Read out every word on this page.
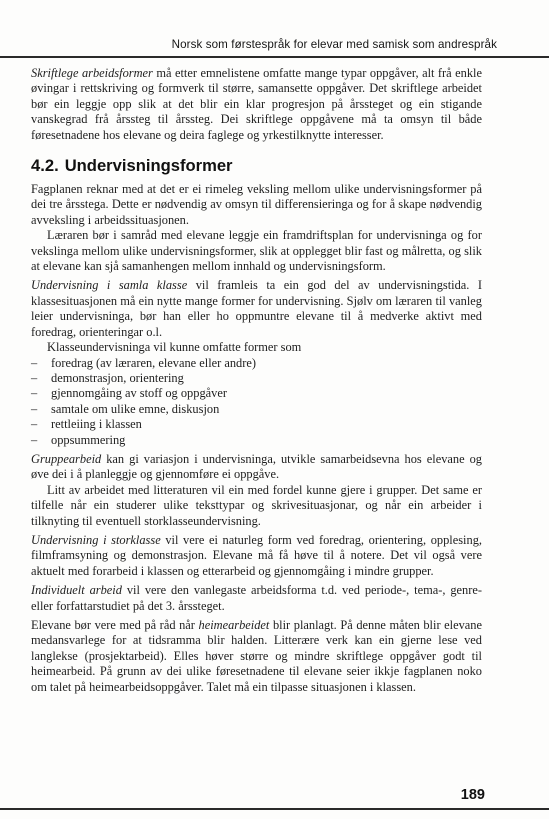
Norsk som førstespråk for elevar med samisk som andrespråk

Skriftlege arbeidsformer må etter emnelistene omfatte mange typar oppgåver, alt frå enkle øvingar i rettskriving og formverk til større, samansette oppgåver. Det skriftlege arbeidet bør ein leggje opp slik at det blir ein klar progresjon på årssteget og ein stigande vanskegrad frå årssteg til årssteg. Dei skriftlege oppgåvene må ta omsyn til både føresetnadene hos elevane og deira faglege og yrkestilknytte interesser.

4.2. Undervisningsformer

Fagplanen reknar med at det er ei rimeleg veksling mellom ulike undervisningsformer på dei tre årsstega. Dette er nødvendig av omsyn til differensieringa og for å skape nødvendig avveksling i arbeidssituasjonen.

Læraren bør i samråd med elevane leggje ein framdriftsplan for undervisninga og for vekslinga mellom ulike undervisningsformer, slik at opplegget blir fast og målretta, og slik at elevane kan sjå samanhengen mellom innhald og undervisningsform.

Undervisning i samla klasse vil framleis ta ein god del av undervisningstida. I klassesituasjonen må ein nytte mange former for undervisning. Sjølv om læraren til vanleg leier undervisninga, bør han eller ho oppmuntre elevane til å medverke aktivt med foredrag, orienteringar o.l.

Klasseundervisninga vil kunne omfatte former som

– foredrag (av læraren, elevane eller andre)
– demonstrasjon, orientering
– gjennomgåing av stoff og oppgåver
– samtale om ulike emne, diskusjon
– rettleiing i klassen
– oppsummering

Gruppearbeid kan gi variasjon i undervisninga, utvikle samarbeidsevna hos elevane og øve dei i å planleggje og gjennomføre ei oppgåve.

Litt av arbeidet med litteraturen vil ein med fordel kunne gjere i grupper. Det same er tilfelle når ein studerer ulike teksttypar og skrivesituasjonar, og når ein arbeider i tilknyting til eventuell storklasseundervisning.

Undervisning i storklasse vil vere ei naturleg form ved foredrag, orientering, opplesing, filmframsyning og demonstrasjon. Elevane må få høve til å notere. Det vil også vere aktuelt med forarbeid i klassen og etterarbeid og gjennomgåing i mindre grupper.

Individuelt arbeid vil vere den vanlegaste arbeidsforma t.d. ved periode-, tema-, genre- eller forfattarstudiet på det 3. årssteget.

Elevane bør vere med på råd når heimearbeidet blir planlagt. På denne måten blir elevane medansvarlege for at tidsramma blir halden. Litterære verk kan ein gjerne lese ved langlekse (prosjektarbeid). Elles høver større og mindre skriftlege oppgåver godt til heimearbeid. På grunn av dei ulike føresetnadene til elevane seier ikkje fagplanen noko om talet på heimearbeidsoppgåver. Talet må ein tilpasse situasjonen i klassen.

189
